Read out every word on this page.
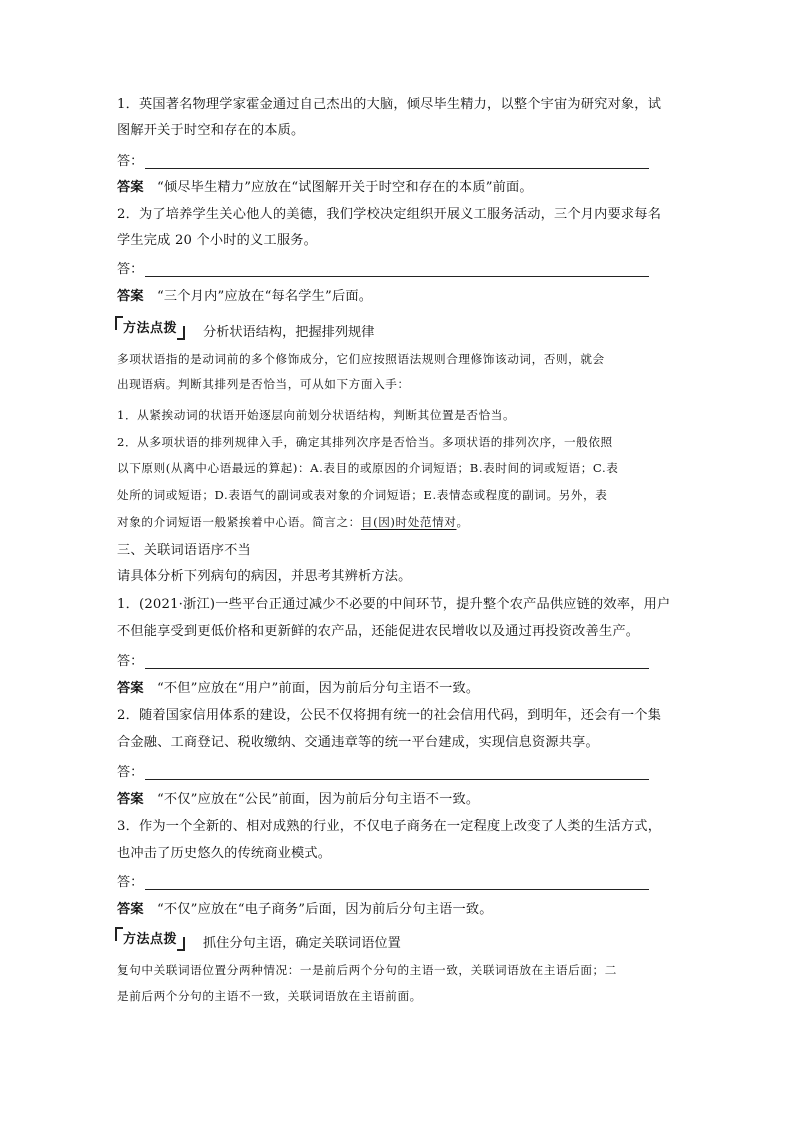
1．英国著名物理学家霍金通过自己杰出的大脑，倾尽毕生精力，以整个宇宙为研究对象，试
图解开关于时空和存在的本质。
答：
答案 “倾尽毕生精力”应放在“试图解开关于时空和存在的本质”前面。
2．为了培养学生关心他人的美德，我们学校决定组织开展义工服务活动，三个月内要求每名
学生完成 20 个小时的义工服务。
答：
答案 “三个月内”应放在“每名学生”后面。
方法点拨	分析状语结构，把握排列规律
多项状语指的是动词前的多个修饰成分，它们应按照语法规则合理修饰该动词，否则，就会
出现语病。判断其排列是否恰当，可从如下方面入手：
1．从紧挨动词的状语开始逐层向前划分状语结构，判断其位置是否恰当。
2．从多项状语的排列规律入手，确定其排列次序是否恰当。多项状语的排列次序，一般依照
以下原则(从离中心语最远的算起)：A.表目的或原因的介词短语；B.表时间的词或短语；C.表
处所的词或短语；D.表语气的副词或表对象的介词短语；E.表情态或程度的副词。另外，表
对象的介词短语一般紧挨着中心语。简言之：目(因)时处范情对。
三、关联词语语序不当
请具体分析下列病句的病因，并思考其辨析方法。
1．(2021·浙江)一些平台正通过减少不必要的中间环节，提升整个农产品供应链的效率，用户
不但能享受到更低价格和更新鲜的农产品，还能促进农民增收以及通过再投资改善生产。
答：
答案 “不但”应放在“用户”前面，因为前后分句主语不一致。
2．随着国家信用体系的建设，公民不仅将拥有统一的社会信用代码，到明年，还会有一个集
合金融、工商登记、税收缴纳、交通违章等的统一平台建成，实现信息资源共享。
答：
答案 “不仅”应放在“公民”前面，因为前后分句主语不一致。
3．作为一个全新的、相对成熟的行业，不仅电子商务在一定程度上改变了人类的生活方式，
也冲击了历史悠久的传统商业模式。
答：
答案 “不仅”应放在“电子商务”后面，因为前后分句主语一致。
方法点拨	抓住分句主语，确定关联词语位置
复句中关联词语位置分两种情况：一是前后两个分句的主语一致，关联词语放在主语后面；二
是前后两个分句的主语不一致，关联词语放在主语前面。
